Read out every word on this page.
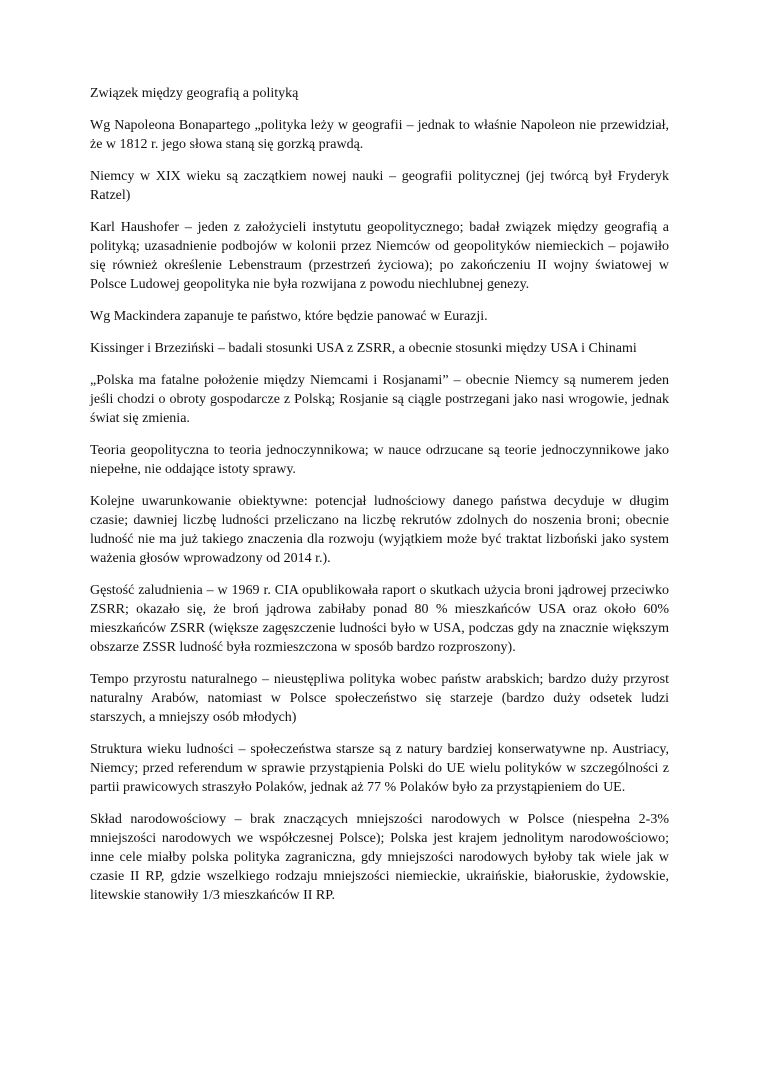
Związek między geografią a polityką

Wg Napoleona Bonapartego „polityka leży w geografii – jednak to właśnie Napoleon nie przewidział, że w 1812 r. jego słowa staną się gorzką prawdą.

Niemcy w XIX wieku są zaczątkiem nowej nauki – geografii politycznej (jej twórcą był Fryderyk Ratzel)

Karl Haushofer – jeden z założycieli instytutu geopolitycznego; badał związek między geografią a polityką; uzasadnienie podbojów w kolonii przez Niemców od geopolityków niemieckich – pojawiło się również określenie Lebenstraum (przestrzeń życiowa); po zakończeniu II wojny światowej w Polsce Ludowej geopolityka nie była rozwijana z powodu niechlubnej genezy.

Wg Mackindera zapanuje te państwo, które będzie panować w Eurazji.

Kissinger i Brzeziński – badali stosunki USA z ZSRR, a obecnie stosunki między USA i Chinami

„Polska ma fatalne położenie między Niemcami i Rosjanami” – obecnie Niemcy są numerem jeden jeśli chodzi o obroty gospodarcze z Polską; Rosjanie są ciągle postrzegani jako nasi wrogowie, jednak świat się zmienia.

Teoria geopolityczna to teoria jednoczynnikowa; w nauce odrzucane są teorie jednoczynnikowe jako niepełne, nie oddające istoty sprawy.

Kolejne uwarunkowanie obiektywne: potencjał ludnościowy danego państwa decyduje w długim czasie; dawniej liczbę ludności przeliczano na liczbę rekrutów zdolnych do noszenia broni; obecnie ludność nie ma już takiego znaczenia dla rozwoju (wyjątkiem może być traktat lizboński jako system ważenia głosów wprowadzony od 2014 r.).

Gęstość zaludnienia – w 1969 r. CIA opublikowała raport o skutkach użycia broni jądrowej przeciwko ZSRR; okazało się, że broń jądrowa zabiłaby ponad 80 % mieszkańców USA oraz około 60% mieszkańców ZSRR (większe zagęszczenie ludności było w USA, podczas gdy na znacznie większym obszarze ZSSR ludność była rozmieszczona w sposób bardzo rozproszony).

Tempo przyrostu naturalnego – nieustępliwa polityka wobec państw arabskich; bardzo duży przyrost naturalny Arabów, natomiast w Polsce społeczeństwo się starzeje (bardzo duży odsetek ludzi starszych, a mniejszy osób młodych)

Struktura wieku ludności – społeczeństwa starsze są z natury bardziej konserwatywne np. Austriacy, Niemcy; przed referendum w sprawie przystąpienia Polski do UE wielu polityków w szczególności z partii prawicowych straszyło Polaków, jednak aż 77 % Polaków było za przystąpieniem do UE.

Skład narodowościowy – brak znaczących mniejszości narodowych w Polsce (niespełna 2-3% mniejszości narodowych we współczesnej Polsce); Polska jest krajem jednolitym narodowościowo; inne cele miałby polska polityka zagraniczna, gdy mniejszości narodowych byłoby tak wiele jak w czasie II RP, gdzie wszelkiego rodzaju mniejszości niemieckie, ukraińskie, białoruskie, żydowskie, litewskie stanowiły 1/3 mieszkańców II RP.
